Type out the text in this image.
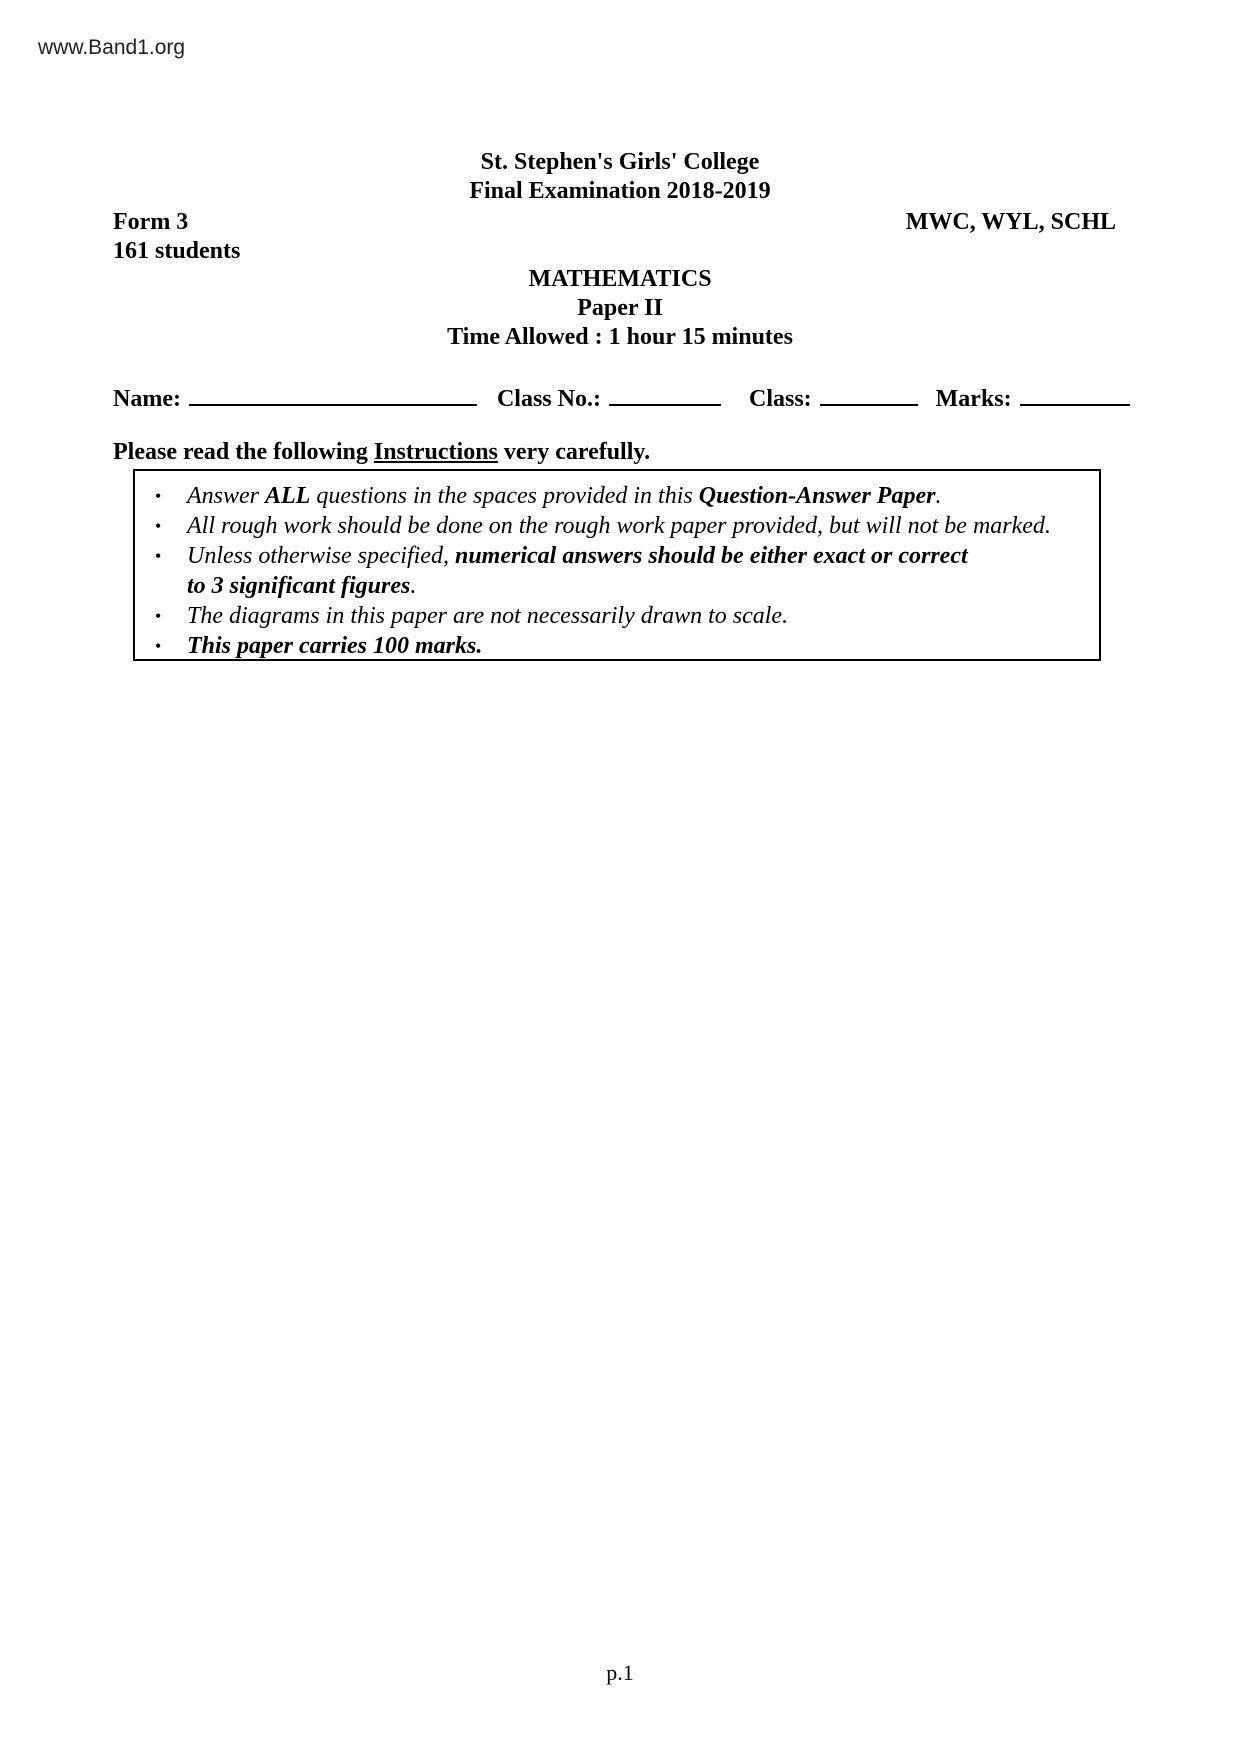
www.Band1.org
St. Stephen's Girls' College
Final Examination 2018-2019
Form 3
161 students
MWC, WYL, SCHL
MATHEMATICS
Paper II
Time Allowed : 1 hour 15 minutes
Name:	Class No.:	Class:	Marks:
Please read the following Instructions very carefully.
• Answer ALL questions in the spaces provided in this Question-Answer Paper.
• All rough work should be done on the rough work paper provided, but will not be marked.
• Unless otherwise specified, numerical answers should be either exact or correct
to 3 significant figures.
• The diagrams in this paper are not necessarily drawn to scale.
• This paper carries 100 marks.
p.1
